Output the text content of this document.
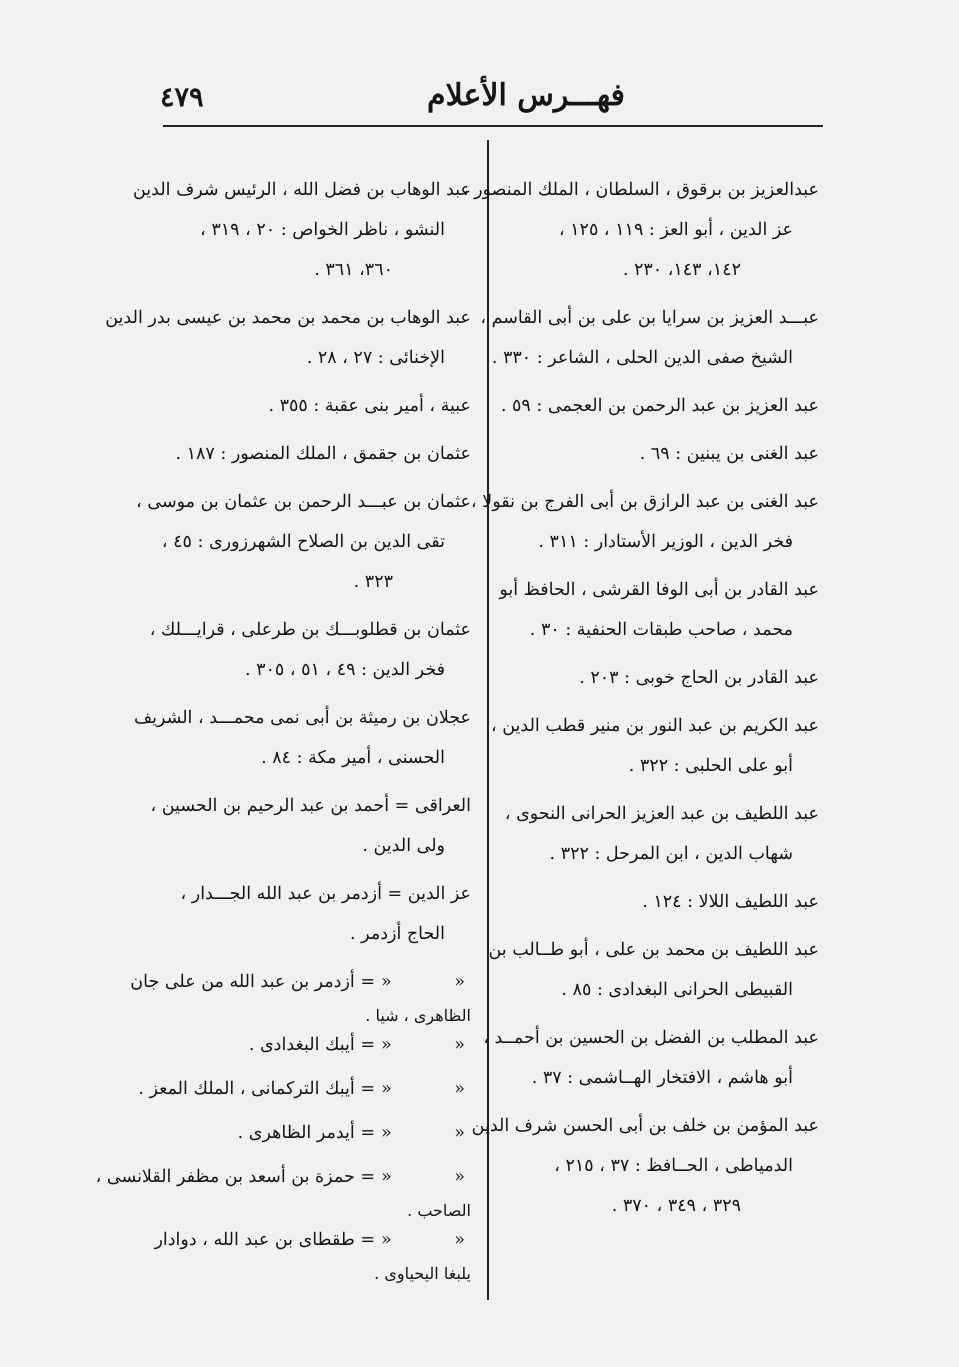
فهـــرس الأعلام
٤٧٩

عبدالعزيز بن برقوق ، السلطان ، الملك المنصور ،

عز الدين ، أبو العز : ١١٩ ، ١٢٥ ،

١٤٢، ١٤٣، ٢٣٠ .

عبـــد العزيز بن سرايا بن على بن أبى القاسم ،

الشيخ صفى الدين الحلى ، الشاعر : ٣٣٠ .

عبد العزيز بن عبد الرحمن بن العجمى : ٥٩ .

عبد الغنى بن يبنين : ٦٩ .

عبد الغنى بن عبد الرازق بن أبى الفرج بن نقولا ،

فخر الدين ، الوزير الأستادار : ٣١١ .

عبد القادر بن أبى الوفا القرشى ، الحافظ أبو

محمد ، صاحب طبقات الحنفية : ٣٠ .

عبد القادر بن الحاج خوبى : ٢٠٣ .

عبد الكريم بن عبد النور بن منير قطب الدين ،

أبو على الحلبى : ٣٢٢ .

عبد اللطيف بن عبد العزيز الحرانى النحوى ،

شهاب الدين ، ابن المرحل : ٣٢٢ .

عبد اللطيف اللالا : ١٢٤ .

عبد اللطيف بن محمد بن على ، أبو طــالب بن

القبيطى الحرانى البغدادى : ٨٥ .

عبد المطلب بن الفضل بن الحسين بن أحمــد ،

أبو هاشم ، الافتخار الهــاشمى : ٣٧ .

عبد المؤمن بن خلف بن أبى الحسن شرف الدين

الدمياطى ، الحــافظ : ٣٧ ، ٢١٥ ،

٣٢٩ ، ٣٤٩ ، ٣٧٠ .

عبد الوهاب بن فضل الله ، الرئيس شرف الدين

النشو ، ناظر الخواص : ٢٠ ، ٣١٩ ،

٣٦٠، ٣٦١ .

عبد الوهاب بن محمد بن محمد بن عيسى بدر الدين

الإخنائى : ٢٧ ، ٢٨ .

عبية ، أمير بنى عقبة : ٣٥٥ .

عثمان بن جقمق ، الملك المنصور : ١٨٧ .

عثمان بن عبـــد الرحمن بن عثمان بن موسى ،

تقى الدين بن الصلاح الشهرزورى : ٤٥ ،

٣٢٣ .

عثمان بن قطلوبـــك بن طرعلى ، قرايـــلك ،

فخر الدين : ٤٩ ، ٥١ ، ٣٠٥ .

عجلان بن رميثة بن أبى نمى محمـــد ، الشريف

الحسنى ، أمير مكة : ٨٤ .

العراقى = أحمد بن عبد الرحيم بن الحسين ،

ولى الدين .

عز الدين = أزدمر بن عبد الله الجـــدار ،

الحاج أزدمر .

«
«
= أزدمر بن عبد الله من على جان
الظاهرى ، شيا .
«
«
= أيبك البغدادى .
«
«
= أيبك التركمانى ، الملك المعز .
«
«
= أيدمر الظاهرى .
«
«
= حمزة بن أسعد بن مظفر القلانسى ،
الصاحب .
«
«
= طقطاى بن عبد الله ، دوادار
يلبغا اليحياوى .
